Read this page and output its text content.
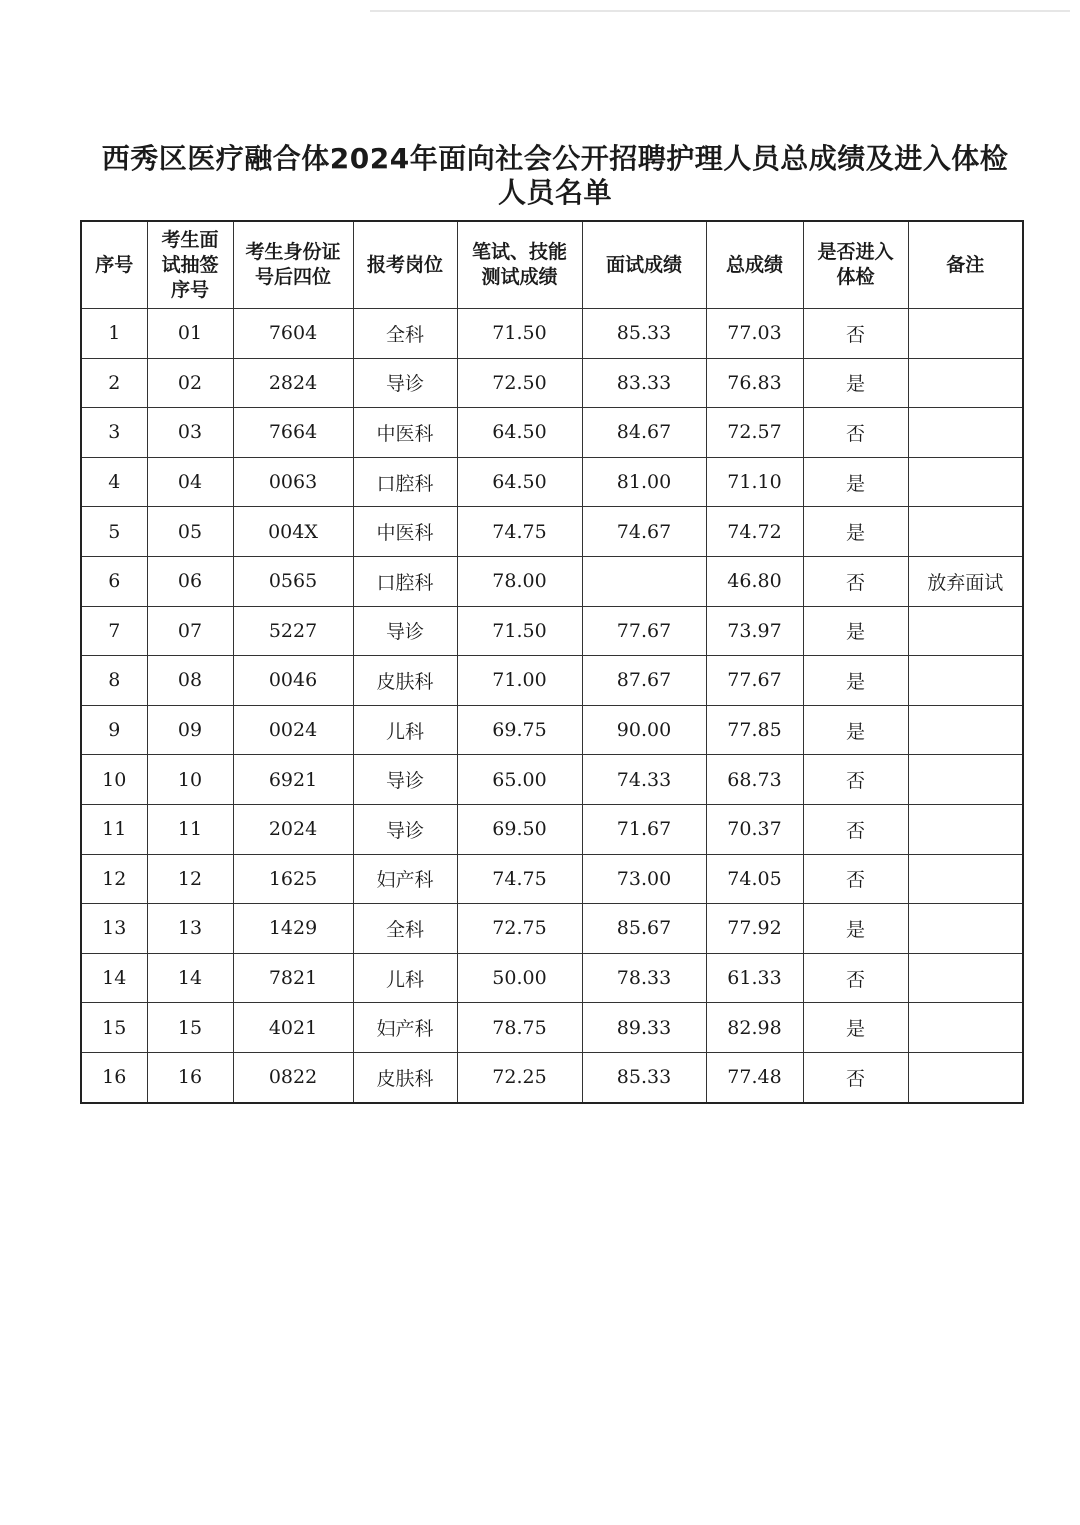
西秀区医疗融合体2024年面向社会公开招聘护理人员总成绩及进入体检
人员名单
序号	考生面
试抽签
序号	考生身份证
号后四位	报考岗位	笔试、技能
测试成绩	面试成绩	总成绩	是否进入
体检	备注
1	01	7604	全科	71.50	85.33	77.03	否	
2	02	2824	导诊	72.50	83.33	76.83	是	
3	03	7664	中医科	64.50	84.67	72.57	否	
4	04	0063	口腔科	64.50	81.00	71.10	是	
5	05	004X	中医科	74.75	74.67	74.72	是	
6	06	0565	口腔科	78.00		46.80	否	放弃面试
7	07	5227	导诊	71.50	77.67	73.97	是	
8	08	0046	皮肤科	71.00	87.67	77.67	是	
9	09	0024	儿科	69.75	90.00	77.85	是	
10	10	6921	导诊	65.00	74.33	68.73	否	
11	11	2024	导诊	69.50	71.67	70.37	否	
12	12	1625	妇产科	74.75	73.00	74.05	否	
13	13	1429	全科	72.75	85.67	77.92	是	
14	14	7821	儿科	50.00	78.33	61.33	否	
15	15	4021	妇产科	78.75	89.33	82.98	是	
16	16	0822	皮肤科	72.25	85.33	77.48	否	
